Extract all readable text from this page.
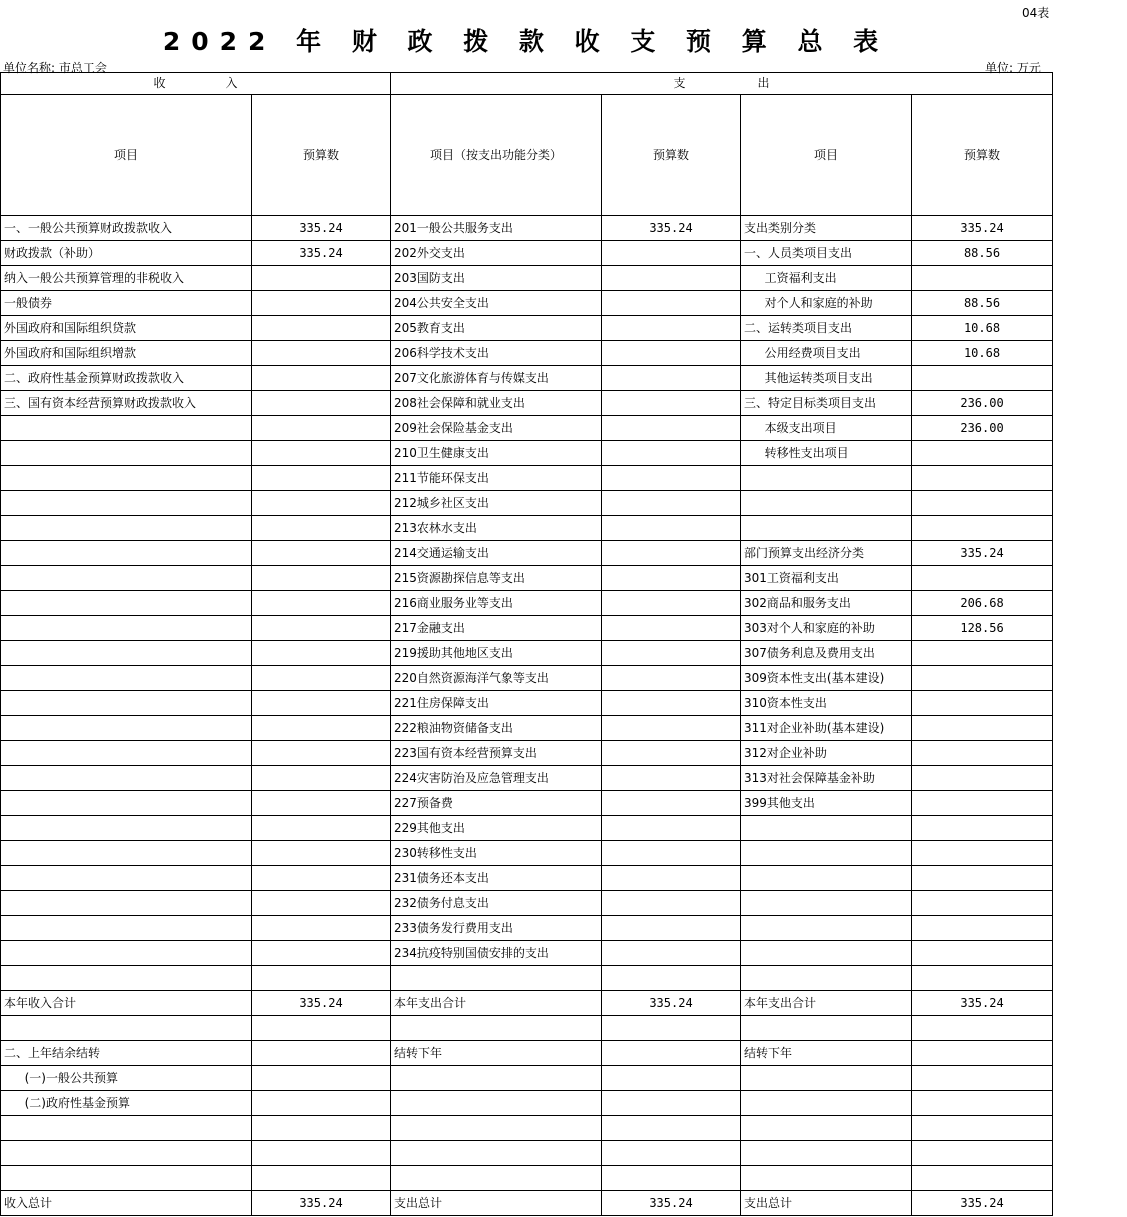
04表
2022 年 财 政 拨 款 收 支 预 算 总 表
单位名称: 市总工会	单位: 万元
收　　　　　入		支　　　　　　出			
项目	预算数	项目（按支出功能分类）	预算数	项目	预算数
一、一般公共预算财政拨款收入	335.24	201一般公共服务支出	335.24	支出类别分类	335.24
财政拨款（补助）	335.24	202外交支出		一、人员类项目支出	88.56
纳入一般公共预算管理的非税收入		203国防支出		工资福利支出	
一般债券		204公共安全支出		对个人和家庭的补助	88.56
外国政府和国际组织贷款		205教育支出		二、运转类项目支出	10.68
外国政府和国际组织增款		206科学技术支出		公用经费项目支出	10.68
二、政府性基金预算财政拨款收入		207文化旅游体育与传媒支出		其他运转类项目支出	
三、国有资本经营预算财政拨款收入		208社会保障和就业支出		三、特定目标类项目支出	236.00
		209社会保险基金支出		本级支出项目	236.00
		210卫生健康支出		转移性支出项目	
		211节能环保支出			
		212城乡社区支出			
		213农林水支出			
		214交通运输支出		部门预算支出经济分类	335.24
		215资源勘探信息等支出		301工资福利支出	
		216商业服务业等支出		302商品和服务支出	206.68
		217金融支出		303对个人和家庭的补助	128.56
		219援助其他地区支出		307债务利息及费用支出	
		220自然资源海洋气象等支出		309资本性支出(基本建设)	
		221住房保障支出		310资本性支出	
		222粮油物资储备支出		311对企业补助(基本建设)	
		223国有资本经营预算支出		312对企业补助	
		224灾害防治及应急管理支出		313对社会保障基金补助	
		227预备费		399其他支出	
		229其他支出			
		230转移性支出			
		231债务还本支出			
		232债务付息支出			
		233债务发行费用支出			
		234抗疫特别国债安排的支出			

本年收入合计	335.24	本年支出合计	335.24	本年支出合计	335.24

二、上年结余结转		结转下年		结转下年	
(一)一般公共预算					
(二)政府性基金预算					

收入总计	335.24	支出总计	335.24	支出总计	335.24
